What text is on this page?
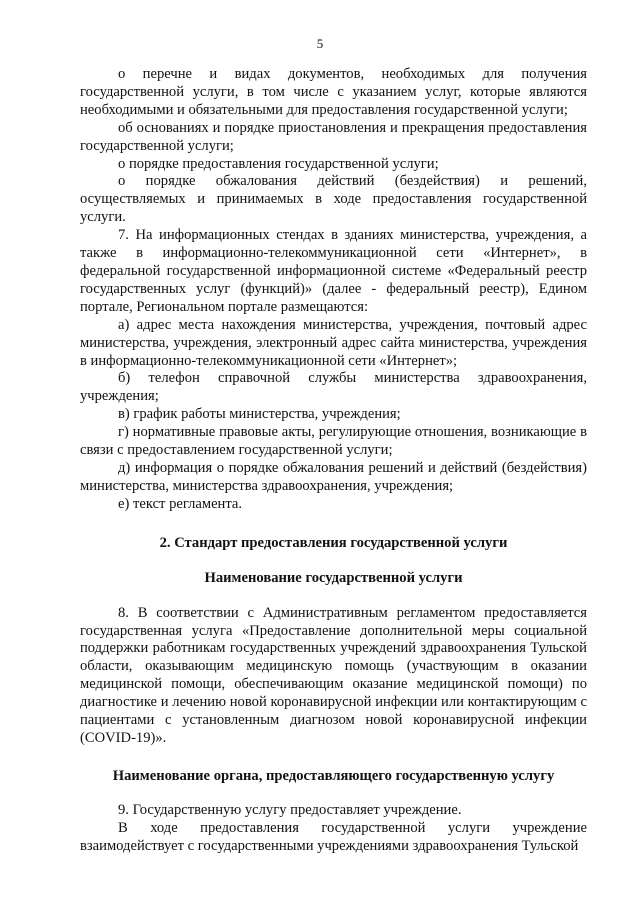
5

о перечне и видах документов, необходимых для получения государственной услуги, в том числе с указанием услуг, которые являются необходимыми и обязательными для предоставления государственной услуги;

об основаниях и порядке приостановления и прекращения предоставления государственной услуги;

о порядке предоставления государственной услуги;

о порядке обжалования действий (бездействия) и решений, осуществляемых и принимаемых в ходе предоставления государственной услуги.

7. На информационных стендах в зданиях министерства, учреждения, а также в информационно-телекоммуникационной сети «Интернет», в федеральной государственной информационной системе «Федеральный реестр государственных услуг (функций)» (далее - федеральный реестр), Едином портале, Региональном портале размещаются:

а) адрес места нахождения министерства, учреждения, почтовый адрес министерства, учреждения, электронный адрес сайта министерства, учреждения в информационно-телекоммуникационной сети «Интернет»;

б) телефон справочной службы министерства здравоохранения, учреждения;

в) график работы министерства, учреждения;

г) нормативные правовые акты, регулирующие отношения, возникающие в связи с предоставлением государственной услуги;

д) информация о порядке обжалования решений и действий (бездействия) министерства, министерства здравоохранения, учреждения;

е) текст регламента.

2. Стандарт предоставления государственной услуги
Наименование государственной услуги

8. В соответствии с Административным регламентом предоставляется государственная услуга «Предоставление дополнительной меры социальной поддержки работникам государственных учреждений здравоохранения Тульской области, оказывающим медицинскую помощь (участвующим в оказании медицинской помощи, обеспечивающим оказание медицинской помощи) по диагностике и лечению новой коронавирусной инфекции или контактирующим с пациентами с установленным диагнозом новой коронавирусной инфекции (COVID-19)».

Наименование органа, предоставляющего государственную услугу

9. Государственную услугу предоставляет учреждение.

В ходе предоставления государственной услуги учреждение взаимодействует с государственными учреждениями здравоохранения Тульской
